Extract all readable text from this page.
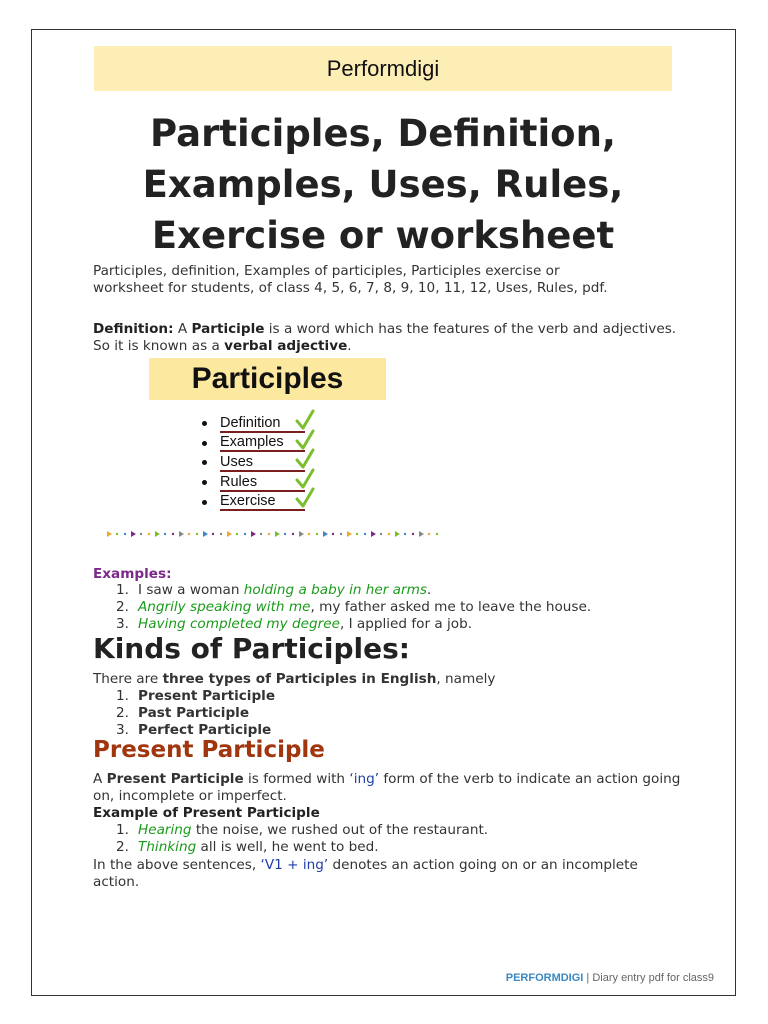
Performdigi
Participles, Definition,
Examples, Uses, Rules,
Exercise or worksheet
Participles, definition, Examples of participles, Participles exercise or
worksheet for students, of class 4, 5, 6, 7, 8, 9, 10, 11, 12, Uses, Rules, pdf.
Definition: A Participle is a word which has the features of the verb and adjectives. So it is known as a verbal adjective.
Participles
Definition
Examples
Uses
Rules
Exercise
Examples:
1. I saw a woman holding a baby in her arms.
2. Angrily speaking with me, my father asked me to leave the house.
3. Having completed my degree, I applied for a job.
Kinds of Participles:
There are three types of Participles in English, namely
1. Present Participle
2. Past Participle
3. Perfect Participle
Present Participle
A Present Participle is formed with ‘ing’ form of the verb to indicate an action going on, incomplete or imperfect.
Example of Present Participle
1. Hearing the noise, we rushed out of the restaurant.
2. Thinking all is well, he went to bed.
In the above sentences, ‘V1 + ing’ denotes an action going on or an incomplete action.
PERFORMDIGI | Diary entry pdf for class9
